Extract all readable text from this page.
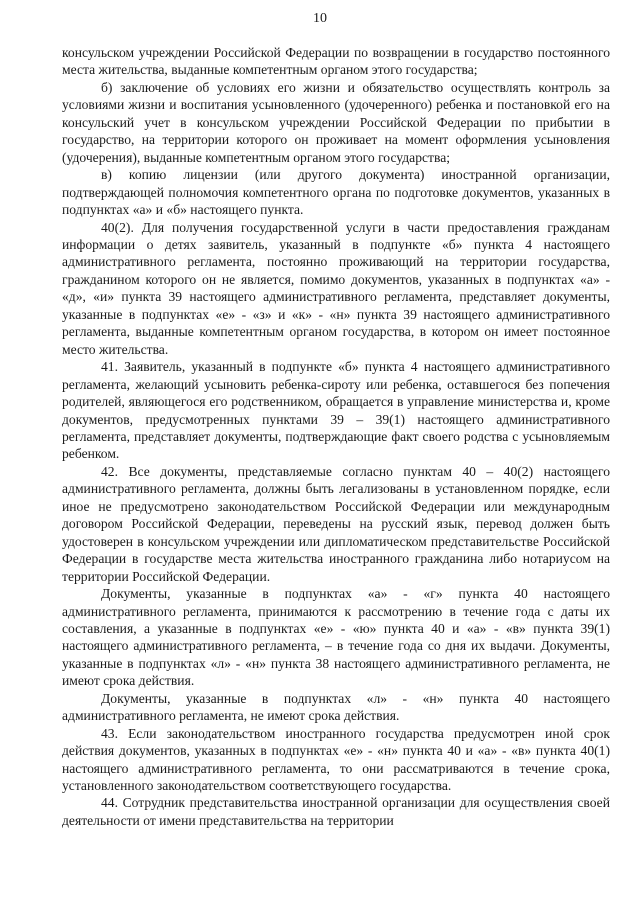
10

консульском учреждении Российской Федерации по возвращении в государство постоянного места жительства, выданные компетентным органом этого государства;

б) заключение об условиях его жизни и обязательство осуществлять контроль за условиями жизни и воспитания усыновленного (удочеренного) ребенка и постановкой его на консульский учет в консульском учреждении Российской Федерации по прибытии в государство, на территории которого он проживает на момент оформления усыновления (удочерения), выданные компетентным органом этого государства;

в) копию лицензии (или другого документа) иностранной организации, подтверждающей полномочия компетентного органа по подготовке документов, указанных в подпунктах «а» и «б» настоящего пункта.

40(2). Для получения государственной услуги в части предоставления гражданам информации о детях заявитель, указанный в подпункте «б» пункта 4 настоящего административного регламента, постоянно проживающий на территории государства, гражданином которого он не является, помимо документов, указанных в подпунктах «а» - «д», «и» пункта 39 настоящего административного регламента, представляет документы, указанные в подпунктах «е» - «з» и «к» - «н» пункта 39 настоящего административного регламента, выданные компетентным органом государства, в котором он имеет постоянное место жительства.

41. Заявитель, указанный в подпункте «б» пункта 4 настоящего административного регламента, желающий усыновить ребенка-сироту или ребенка, оставшегося без попечения родителей, являющегося его родственником, обращается в управление министерства и, кроме документов, предусмотренных пунктами 39 – 39(1) настоящего административного регламента, представляет документы, подтверждающие факт своего родства с усыновляемым ребенком.

42. Все документы, представляемые согласно пунктам 40 – 40(2) настоящего административного регламента, должны быть легализованы в установленном порядке, если иное не предусмотрено законодательством Российской Федерации или международным договором Российской Федерации, переведены на русский язык, перевод должен быть удостоверен в консульском учреждении или дипломатическом представительстве Российской Федерации в государстве места жительства иностранного гражданина либо нотариусом на территории Российской Федерации.

Документы, указанные в подпунктах «а» - «г» пункта 40 настоящего административного регламента, принимаются к рассмотрению в течение года с даты их составления, а указанные в подпунктах «е» - «ю» пункта 40 и «а» - «в» пункта 39(1) настоящего административного регламента, – в течение года со дня их выдачи. Документы, указанные в подпунктах «л» - «н» пункта 38 настоящего административного регламента, не имеют срока действия.

Документы, указанные в подпунктах «л» - «н» пункта 40 настоящего административного регламента, не имеют срока действия.

43. Если законодательством иностранного государства предусмотрен иной срок действия документов, указанных в подпунктах «е» - «н» пункта 40 и «а» - «в» пункта 40(1) настоящего административного регламента, то они рассматриваются в течение срока, установленного законодательством соответствующего государства.

44. Сотрудник представительства иностранной организации для осуществления своей деятельности от имени представительства на территории
